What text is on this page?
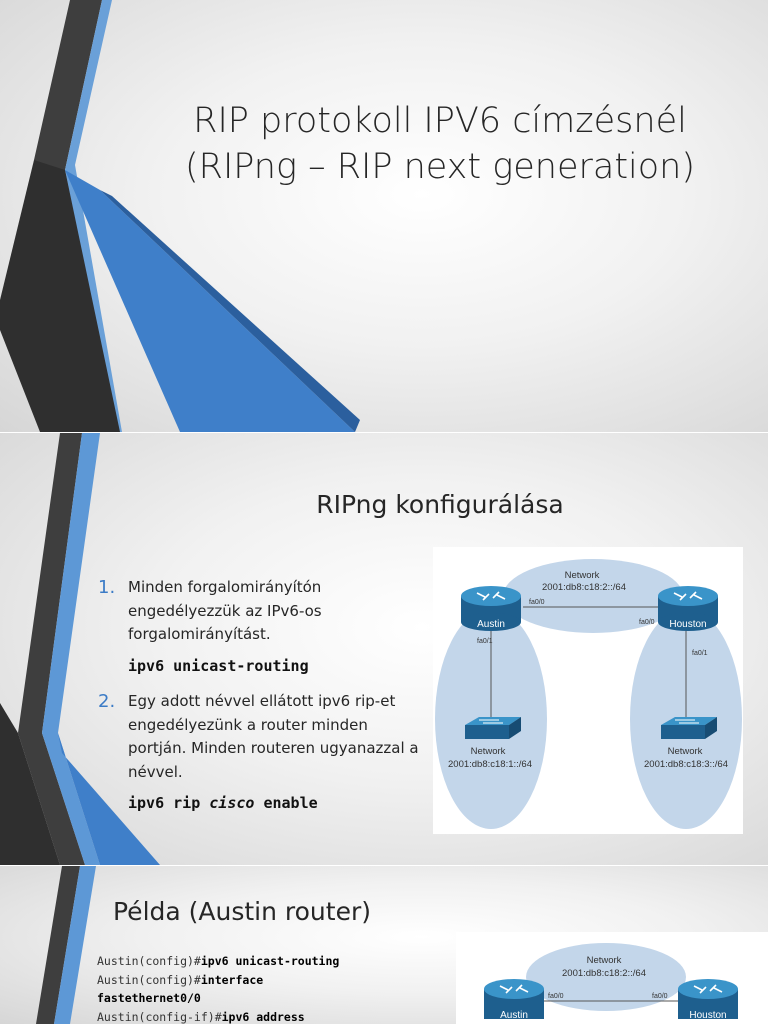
RIP protokoll IPV6 címzésnél
(RIPng – RIP next generation)
RIPng konfigurálása
1. Minden forgalomirányítón engedélyezzük az IPv6-os forgalomirányítást.
ipv6 unicast-routing
2. Egy adott névvel ellátott ipv6 rip-et engedélyezünk a router minden portján. Minden routeren ugyanazzal a névvel.
ipv6 rip cisco enable
Network
2001:db8:c18:2::/64
fa0/0
fa0/0
fa0/1
fa0/1
Austin	Houston
Network
2001:db8:c18:1::/64
Network
2001:db8:c18:3::/64
Példa (Austin router)
Austin(config)#ipv6 unicast-routing
Austin(config)#interface
fastethernet0/0
Austin(config-if)#ipv6 address
Network
2001:db8:c18:2::/64
fa0/0	fa0/0
Austin	Houston
